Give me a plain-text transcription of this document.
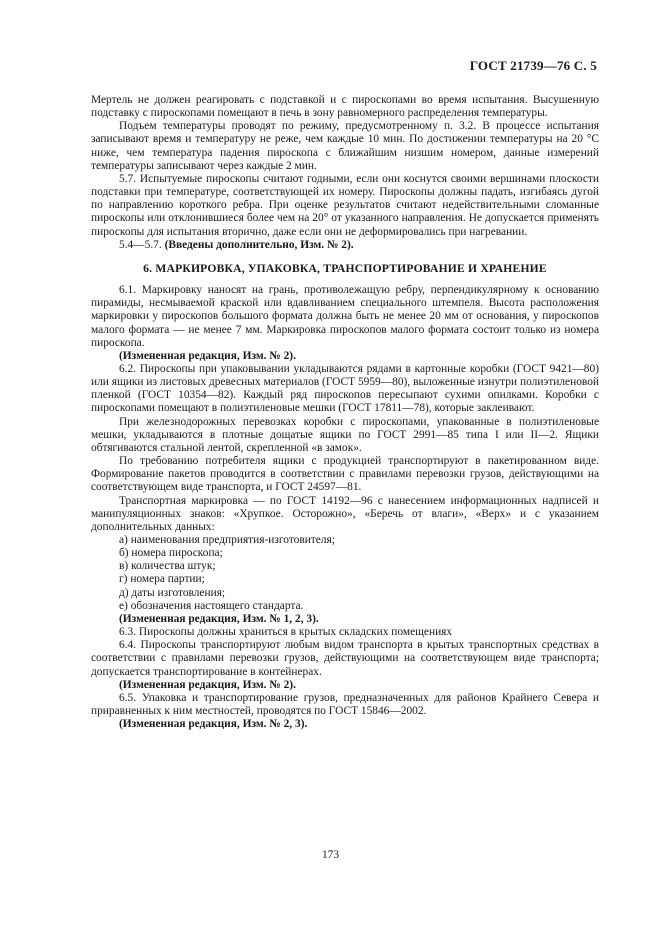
ГОСТ 21739—76 С. 5

Мертель не должен реагировать с подставкой и с пироскопами во время испытания. Высушенную подставку с пироскопами помещают в печь в зону равномерного распределения температуры.

Подъем температуры проводят по режиму, предусмотренному п. 3.2. В процессе испытания записывают время и температуру не реже, чем каждые 10 мин. По достижении температуры на 20 °С ниже, чем температура падения пироскопа с ближайшим низшим номером, данные измерений температуры записывают через каждые 2 мин.

5.7. Испытуемые пироскопы считают годными, если они коснутся своими вершинами плоскости подставки при температуре, соответствующей их номеру. Пироскопы должны падать, изгибаясь дугой по направлению короткого ребра. При оценке результатов считают недействительными сломанные пироскопы или отклонившиеся более чем на 20° от указанного направления. Не допускается применять пироскопы для испытания вторично, даже если они не деформировались при нагревании.

5.4—5.7. (Введены дополнительно, Изм. № 2).

6. МАРКИРОВКА, УПАКОВКА, ТРАНСПОРТИРОВАНИЕ И ХРАНЕНИЕ

6.1. Маркировку наносят на грань, противолежащую ребру, перпендикулярному к основанию пирамиды, несмываемой краской или вдавливанием специального штемпеля. Высота расположения маркировки у пироскопов большого формата должна быть не менее 20 мм от основания, у пироскопов малого формата — не менее 7 мм. Маркировка пироскопов малого формата состоит только из номера пироскопа.

(Измененная редакция, Изм. № 2).

6.2. Пироскопы при упаковывании укладываются рядами в картонные коробки (ГОСТ 9421—80) или ящики из листовых древесных материалов (ГОСТ 5959—80), выложенные изнутри полиэтиленовой пленкой (ГОСТ 10354—82). Каждый ряд пироскопов пересыпают сухими опилками. Коробки с пироскопами помещают в полиэтиленовые мешки (ГОСТ 17811—78), которые заклеивают.

При железнодорожных перевозках коробки с пироскопами, упакованные в полиэтиленовые мешки, укладываются в плотные дощатые ящики по ГОСТ 2991—85 типа I или II—2. Ящики обтягиваются стальной лентой, скрепленной «в замок».

По требованию потребителя ящики с продукцией транспортируют в пакетированном виде. Формирование пакетов проводится в соответствии с правилами перевозки грузов, действующими на соответствующем виде транспорта, и ГОСТ 24597—81.

Транспортная маркировка — по ГОСТ 14192—96 с нанесением информационных надписей и манипуляционных знаков: «Хрупкое. Осторожно», «Беречь от влаги», «Верх» и с указанием дополнительных данных:

а) наименования предприятия-изготовителя;
б) номера пироскопа;
в) количества штук;
г) номера партии;
д) даты изготовления;
е) обозначения настоящего стандарта.

(Измененная редакция, Изм. № 1, 2, 3).

6.3. Пироскопы должны храниться в крытых складских помещениях

6.4. Пироскопы транспортируют любым видом транспорта в крытых транспортных средствах в соответствии с правилами перевозки грузов, действующими на соответствующем виде транспорта; допускается транспортирование в контейнерах.

(Измененная редакция, Изм. № 2).

6.5. Упаковка и транспортирование грузов, предназначенных для районов Крайнего Севера и приравненных к ним местностей, проводятся по ГОСТ 15846—2002.

(Измененная редакция, Изм. № 2, 3).

173
